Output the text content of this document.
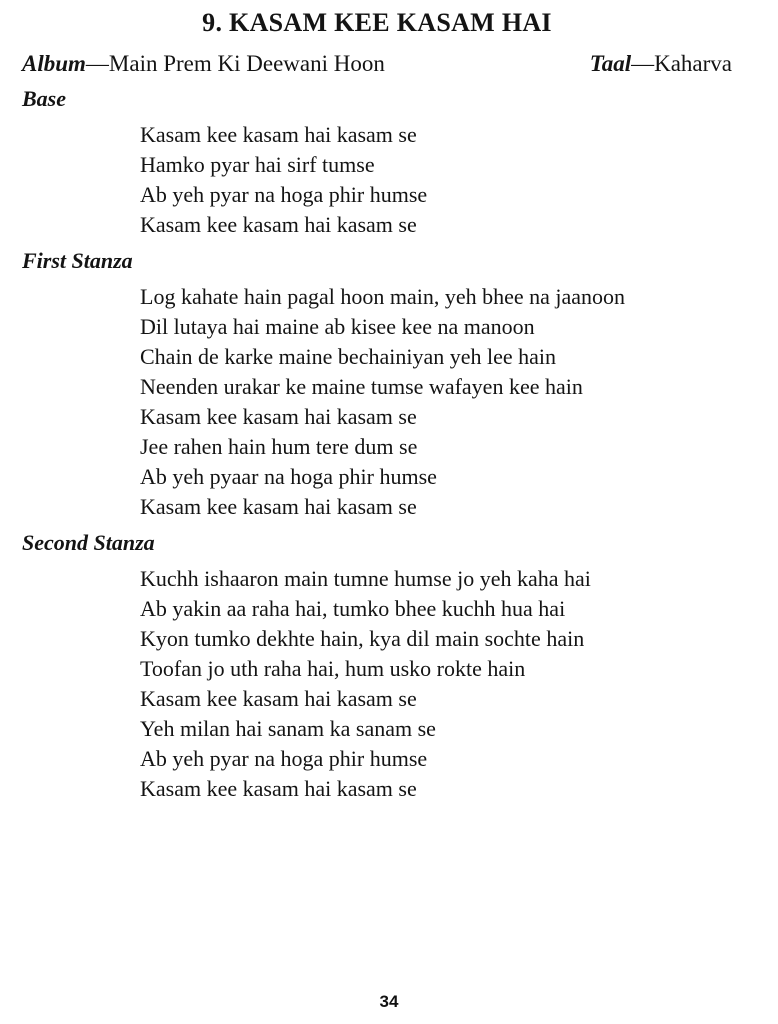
9. KASAM KEE KASAM HAI
Album—Main Prem Ki Deewani Hoon	Taal—Kaharva
Base
Kasam kee kasam hai kasam se
Hamko pyar hai sirf tumse
Ab yeh pyar na hoga phir humse
Kasam kee kasam hai kasam se
First Stanza
Log kahate hain pagal hoon main, yeh bhee na jaanoon
Dil lutaya hai maine ab kisee kee na manoon
Chain de karke maine bechainiyan yeh lee hain
Neenden urakar ke maine tumse wafayen kee hain
Kasam kee kasam hai kasam se
Jee rahen hain hum tere dum se
Ab yeh pyaar na hoga phir humse
Kasam kee kasam hai kasam se
Second Stanza
Kuchh ishaaron main tumne humse jo yeh kaha hai
Ab yakin aa raha hai, tumko bhee kuchh hua hai
Kyon tumko dekhte hain, kya dil main sochte hain
Toofan jo uth raha hai, hum usko rokte hain
Kasam kee kasam hai kasam se
Yeh milan hai sanam ka sanam se
Ab yeh pyar na hoga phir humse
Kasam kee kasam hai kasam se
34
